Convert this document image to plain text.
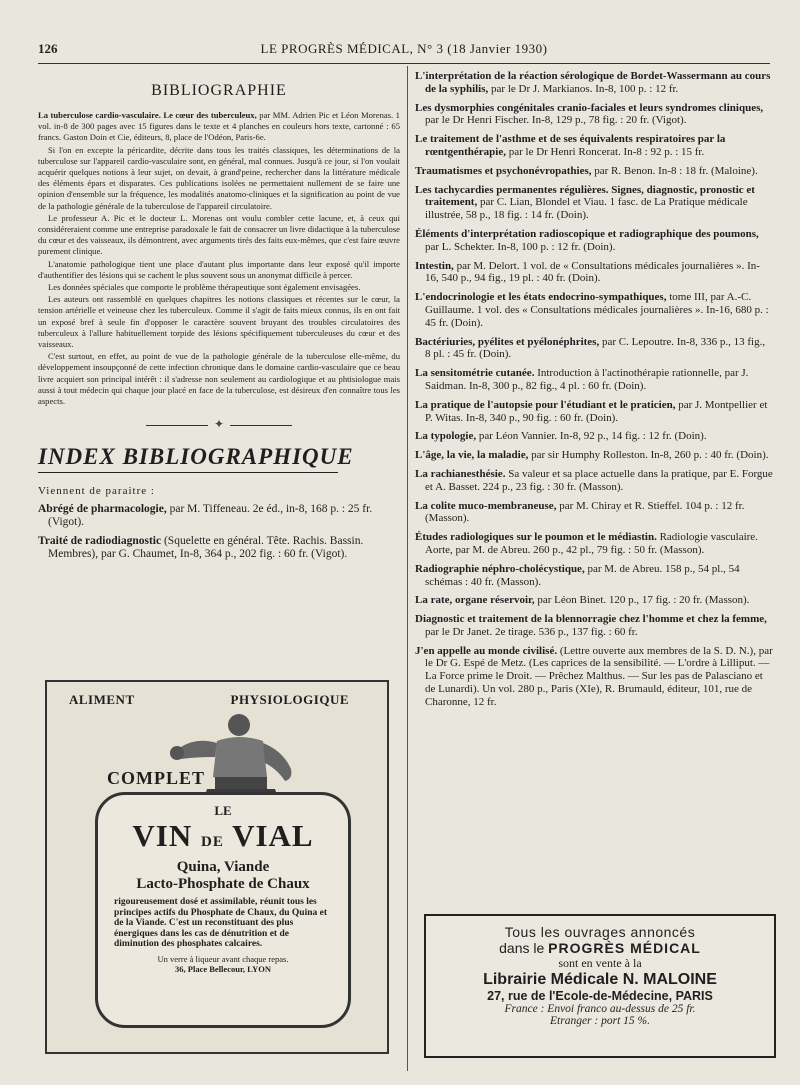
126	LE PROGRÈS MÉDICAL, N° 3 (18 Janvier 1930)
BIBLIOGRAPHIE

La tuberculose cardio-vasculaire. Le cœur des tuberculeux, par MM. Adrien Pic et Léon Morenas. 1 vol. in-8 de 300 pages avec 15 figures dans le texte et 4 planches en couleurs hors texte, cartonné : 65 francs. Gaston Doin et Cie, éditeurs, 8, place de l'Odéon, Paris-6e.

Si l'on en excepte la péricardite, décrite dans tous les traités classiques, les déterminations de la tuberculose sur l'appareil cardio-vasculaire sont, en général, mal connues. Jusqu'à ce jour, si l'on voulait acquérir quelques notions à leur sujet, on devait, à grand'peine, rechercher dans la littérature médicale des éléments épars et disparates. Ces publications isolées ne permettaient nullement de se faire une opinion d'ensemble sur la fréquence, les modalités anatomo-cliniques et la signification au point de vue de la pathologie générale de la tuberculose de l'appareil circulatoire.

Le professeur A. Pic et le docteur L. Morenas ont voulu combler cette lacune, et, à ceux qui considéreraient comme une entreprise paradoxale le fait de consacrer un livre didactique à la tuberculose du cœur et des vaisseaux, ils démontrent, avec arguments tirés des faits eux-mêmes, que c'est faire œuvre purement clinique.

L'anatomie pathologique tient une place d'autant plus importante dans leur exposé qu'il importe d'authentifier des lésions qui se cachent le plus souvent sous un anonymat difficile à percer.

Les données spéciales que comporte le problème thérapeutique sont également envisagées.

Les auteurs ont rassemblé en quelques chapitres les notions classiques et récentes sur le cœur, la tension artérielle et veineuse chez les tuberculeux. Comme il s'agit de faits mieux connus, ils en ont fait un exposé bref à seule fin d'opposer le caractère souvent bruyant des troubles circulatoires des tuberculeux à l'allure habituellement torpide des lésions spécifiquement tuberculeuses du cœur et des vaisseaux.

C'est surtout, en effet, au point de vue de la pathologie générale de la tuberculose elle-même, du développement insoupçonné de cette infection chronique dans le domaine cardio-vasculaire que ce beau livre acquiert son principal intérêt : il s'adresse non seulement au cardiologique et au phtisiologue mais aussi à tout médecin qui chaque jour placé en face de la tuberculose, est désireux d'en connaître tous les aspects.

✦
INDEX BIBLIOGRAPHIQUE
Viennent de paraitre :
Abrégé de pharmacologie, par M. Tiffeneau. 2e éd., in-8, 168 p. : 25 fr. (Vigot).
Traité de radiodiagnostic (Squelette en général. Tête. Rachis. Bassin. Membres), par G. Chaumet, In-8, 364 p., 202 fig. : 60 fr. (Vigot).
ALIMENT	PHYSIOLOGIQUE
COMPLET
LE
VIN DE VIAL
Quina, Viande
Lacto-Phosphate de Chaux
rigoureusement dosé et assimilable, réunit tous les principes actifs du Phosphate de Chaux, du Quina et de la Viande. C'est un reconstituant des plus énergiques dans les cas de dénutrition et de diminution des phosphates calcaires.
Un verre à liqueur avant chaque repas.
36, Place Bellecour, LYON
L'interprétation de la réaction sérologique de Bordet-Wassermann au cours de la syphilis, par le Dr J. Markianos. In-8, 100 p. : 12 fr.
Les dysmorphies congénitales cranio-faciales et leurs syndromes cliniques, par le Dr Henri Fischer. In-8, 129 p., 78 fig. : 20 fr. (Vigot).
Le traitement de l'asthme et de ses équivalents respiratoires par la rœntgenthérapie, par le Dr Henri Roncerat. In-8 : 92 p. : 15 fr.
Traumatismes et psychonévropathies, par R. Benon. In-8 : 18 fr. (Maloine).
Les tachycardies permanentes régulières. Signes, diagnostic, pronostic et traitement, par C. Lian, Blondel et Viau. 1 fasc. de La Pratique médicale illustrée, 58 p., 18 fig. : 14 fr. (Doin).
Éléments d'interprétation radioscopique et radiographique des poumons, par L. Schekter. In-8, 100 p. : 12 fr. (Doin).
Intestin, par M. Delort. 1 vol. de « Consultations médicales journalières ». In-16, 540 p., 94 fig., 19 pl. : 40 fr. (Doin).
L'endocrinologie et les états endocrino-sympathiques, tome III, par A.-C. Guillaume. 1 vol. des « Consultations médicales journalières ». In-16, 680 p. : 45 fr. (Doin).
Bactériuries, pyélites et pyélonéphrites, par C. Lepoutre. In-8, 336 p., 13 fig., 8 pl. : 45 fr. (Doin).
La sensitométrie cutanée. Introduction à l'actinothérapie rationnelle, par J. Saidman. In-8, 300 p., 82 fig., 4 pl. : 60 fr. (Doin).
La pratique de l'autopsie pour l'étudiant et le praticien, par J. Montpellier et P. Witas. In-8, 340 p., 90 fig. : 60 fr. (Doin).
La typologie, par Léon Vannier. In-8, 92 p., 14 fig. : 12 fr. (Doin).
L'âge, la vie, la maladie, par sir Humphy Rolleston. In-8, 260 p. : 40 fr. (Doin).
La rachianesthésie. Sa valeur et sa place actuelle dans la pratique, par E. Forgue et A. Basset. 224 p., 23 fig. : 30 fr. (Masson).
La colite muco-membraneuse, par M. Chiray et R. Stieffel. 104 p. : 12 fr. (Masson).
Études radiologiques sur le poumon et le médiastin. Radiologie vasculaire. Aorte, par M. de Abreu. 260 p., 42 pl., 79 fig. : 50 fr. (Masson).
Radiographie néphro-cholécystique, par M. de Abreu. 158 p., 54 pl., 54 schémas : 40 fr. (Masson).
La rate, organe réservoir, par Léon Binet. 120 p., 17 fig. : 20 fr. (Masson).
Diagnostic et traitement de la blennorragie chez l'homme et chez la femme, par le Dr Janet. 2e tirage. 536 p., 137 fig. : 60 fr.
J'en appelle au monde civilisé. (Lettre ouverte aux membres de la S. D. N.), par le Dr G. Espé de Metz. (Les caprices de la sensibilité. — L'ordre à Lilliput. — La Force prime le Droit. — Prêchez Malthus. — Sur les pas de Palasciano et de Lunardi). Un vol. 280 p., Paris (XIe), R. Brumauld, éditeur, 101, rue de Charonne, 12 fr.
Tous les ouvrages annoncés
dans le PROGRÈS MÉDICAL
sont en vente à la
Librairie Médicale N. MALOINE
27, rue de l'Ecole-de-Médecine, PARIS
France : Envoi franco au-dessus de 25 fr.
Etranger : port 15 %.
